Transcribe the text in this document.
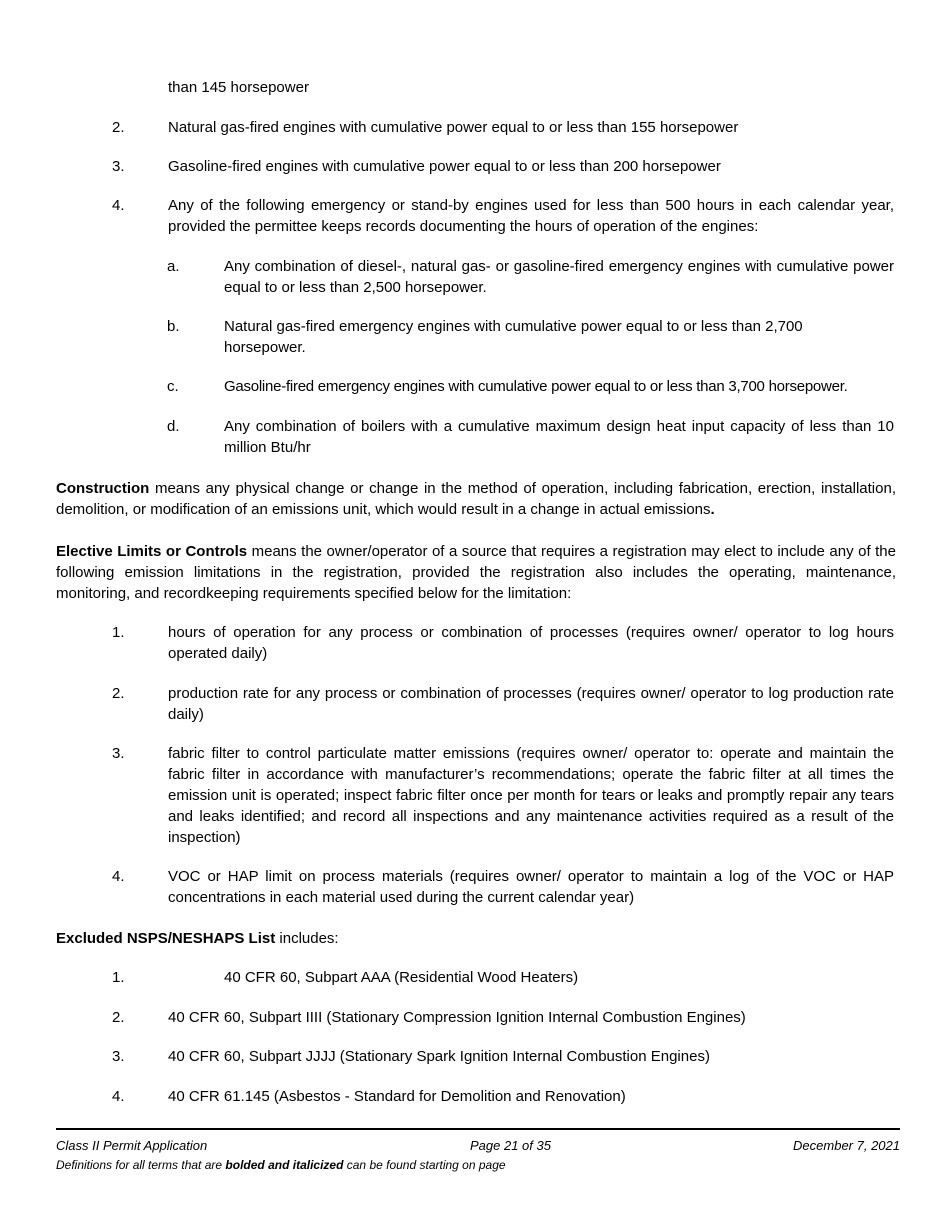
than 145 horsepower
2.	Natural gas-fired engines with cumulative power equal to or less than 155 horsepower
3.	Gasoline-fired engines with cumulative power equal to or less than 200 horsepower
4.	Any of the following emergency or stand-by engines used for less than 500 hours in each calendar year, provided the permittee keeps records documenting the hours of operation of the engines:
a.	Any combination of diesel-, natural gas- or gasoline-fired emergency engines with cumulative power equal to or less than 2,500 horsepower.
b.	Natural gas-fired emergency engines with cumulative power equal to or less than 2,700 horsepower.
c.	Gasoline-fired emergency engines with cumulative power equal to or less than 3,700 horsepower.
d.	Any combination of boilers with a cumulative maximum design heat input capacity of less than 10 million Btu/hr
Construction means any physical change or change in the method of operation, including fabrication, erection, installation, demolition, or modification of an emissions unit, which would result in a change in actual emissions.
Elective Limits or Controls means the owner/operator of a source that requires a registration may elect to include any of the following emission limitations in the registration, provided the registration also includes the operating, maintenance, monitoring, and recordkeeping requirements specified below for the limitation:
1.	hours of operation for any process or combination of processes (requires owner/ operator to log hours operated daily)
2.	production rate for any process or combination of processes (requires owner/ operator to log production rate daily)
3.	fabric filter to control particulate matter emissions (requires owner/ operator to: operate and maintain the fabric filter in accordance with manufacturer’s recommendations; operate the fabric filter at all times the emission unit is operated; inspect fabric filter once per month for tears or leaks and promptly repair any tears and leaks identified; and record all inspections and any maintenance activities required as a result of the inspection)
4.	VOC or HAP limit on process materials (requires owner/ operator to maintain a log of the VOC or HAP concentrations in each material used during the current calendar year)
Excluded NSPS/NESHAPS List includes:
1.	40 CFR 60, Subpart AAA (Residential Wood Heaters)
2.	40 CFR 60, Subpart IIII (Stationary Compression Ignition Internal Combustion Engines)
3.	40 CFR 60, Subpart JJJJ (Stationary Spark Ignition Internal Combustion Engines)
4.	40 CFR 61.145 (Asbestos - Standard for Demolition and Renovation)
Class II Permit Application	Page 21 of 35	December 7, 2021
Definitions for all terms that are bolded and italicized can be found starting on page
